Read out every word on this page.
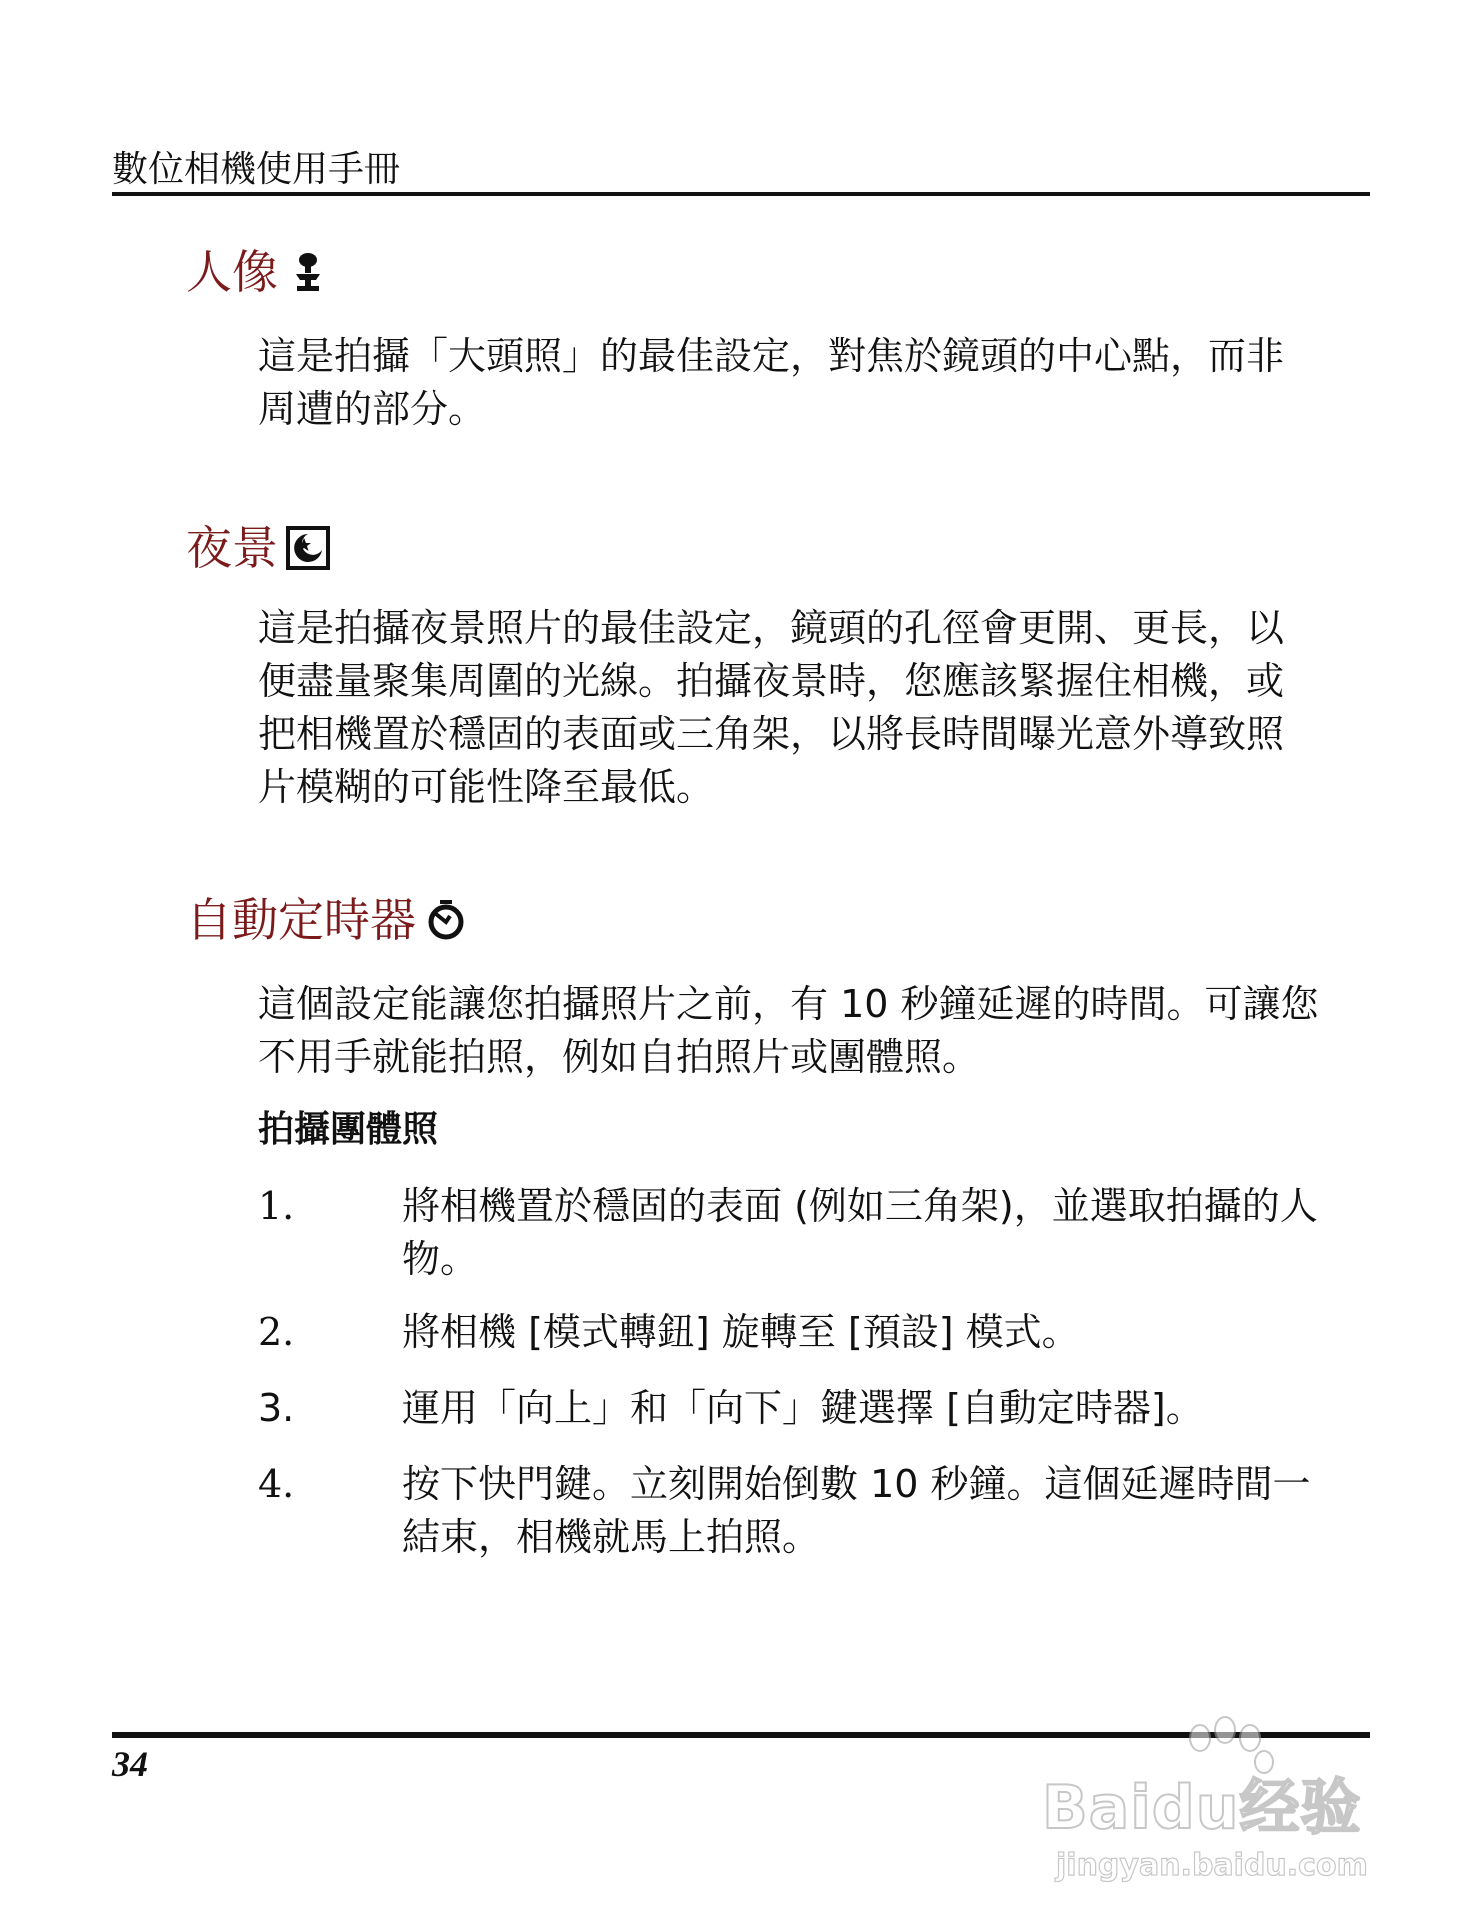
數位相機使用手冊
人像
這是拍攝「大頭照」的最佳設定，對焦於鏡頭的中心點，而非
周遭的部分。
夜景
這是拍攝夜景照片的最佳設定，鏡頭的孔徑會更開、更長，以
便盡量聚集周圍的光線。拍攝夜景時，您應該緊握住相機，或
把相機置於穩固的表面或三角架，以將長時間曝光意外導致照
片模糊的可能性降至最低。
自動定時器
這個設定能讓您拍攝照片之前，有 10 秒鐘延遲的時間。可讓您
不用手就能拍照，例如自拍照片或團體照。
拍攝團體照
1.	將相機置於穩固的表面 (例如三角架)，並選取拍攝的人
物。
2.	將相機 [模式轉鈕] 旋轉至 [預設] 模式。
3.	運用「向上」和「向下」鍵選擇 [自動定時器]。
4.	按下快門鍵。立刻開始倒數 10 秒鐘。這個延遲時間一
結束，相機就馬上拍照。
34
Baidu经验
jingyan.baidu.com
